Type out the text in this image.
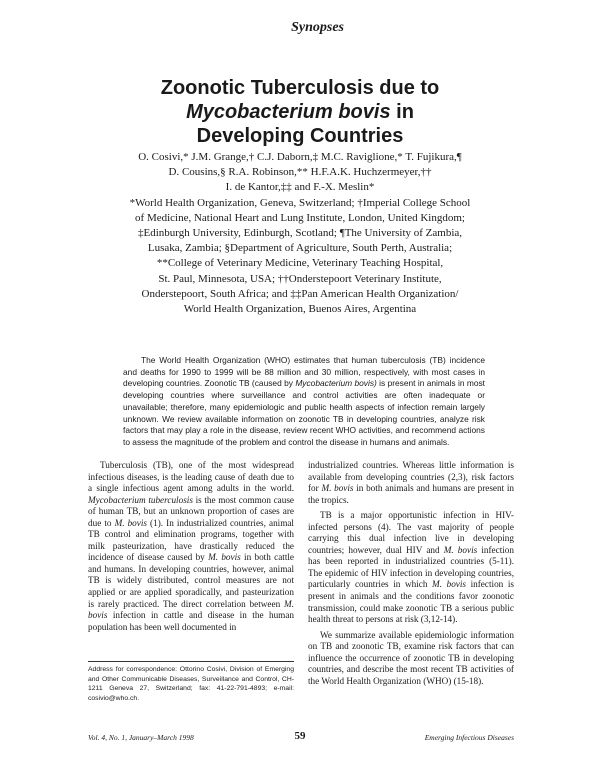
Synopses
Zoonotic Tuberculosis due to
Mycobacterium bovis in
Developing Countries
O. Cosivi,* J.M. Grange,† C.J. Daborn,‡ M.C. Raviglione,* T. Fujikura,¶
D. Cousins,§ R.A. Robinson,** H.F.A.K. Huchzermeyer,††
I. de Kantor,‡‡ and F.-X. Meslin*
*World Health Organization, Geneva, Switzerland; †Imperial College School
of Medicine, National Heart and Lung Institute, London, United Kingdom;
‡Edinburgh University, Edinburgh, Scotland; ¶The University of Zambia,
Lusaka, Zambia; §Department of Agriculture, South Perth, Australia;
**College of Veterinary Medicine, Veterinary Teaching Hospital,
St. Paul, Minnesota, USA; ††Onderstepoort Veterinary Institute,
Onderstepoort, South Africa; and ‡‡Pan American Health Organization/
World Health Organization, Buenos Aires, Argentina
The World Health Organization (WHO) estimates that human tuberculosis (TB) incidence and deaths for 1990 to 1999 will be 88 million and 30 million, respectively, with most cases in developing countries. Zoonotic TB (caused by Mycobacterium bovis) is present in animals in most developing countries where surveillance and control activities are often inadequate or unavailable; therefore, many epidemiologic and public health aspects of infection remain largely unknown. We review available information on zoonotic TB in developing countries, analyze risk factors that may play a role in the disease, review recent WHO activities, and recommend actions to assess the magnitude of the problem and control the disease in humans and animals.

Tuberculosis (TB), one of the most widespread infectious diseases, is the leading cause of death due to a single infectious agent among adults in the world. Mycobacterium tuberculosis is the most common cause of human TB, but an unknown proportion of cases are due to M. bovis (1). In industrialized countries, animal TB control and elimination programs, together with milk pasteurization, have drastically reduced the incidence of disease caused by M. bovis in both cattle and humans. In developing countries, however, animal TB is widely distributed, control measures are not applied or are applied sporadically, and pasteurization is rarely practiced. The direct correlation between M. bovis infection in cattle and disease in the human population has been well documented in

industrialized countries. Whereas little information is available from developing countries (2,3), risk factors for M. bovis in both animals and humans are present in the tropics.

TB is a major opportunistic infection in HIV-infected persons (4). The vast majority of people carrying this dual infection live in developing countries; however, dual HIV and M. bovis infection has been reported in industrialized countries (5-11). The epidemic of HIV infection in developing countries, particularly countries in which M. bovis infection is present in animals and the conditions favor zoonotic transmission, could make zoonotic TB a serious public health threat to persons at risk (3,12-14).

We summarize available epidemiologic information on TB and zoonotic TB, examine risk factors that can influence the occurrence of zoonotic TB in developing countries, and describe the most recent TB activities of the World Health Organization (WHO) (15-18).

Address for correspondence: Ottorino Cosivi, Division of Emerging and Other Communicable Diseases, Surveillance and Control, CH-1211 Geneva 27, Switzerland; fax: 41-22-791-4893; e-mail: cosivio@who.ch.
Vol. 4, No. 1, January–March 1998	59	Emerging Infectious Diseases
